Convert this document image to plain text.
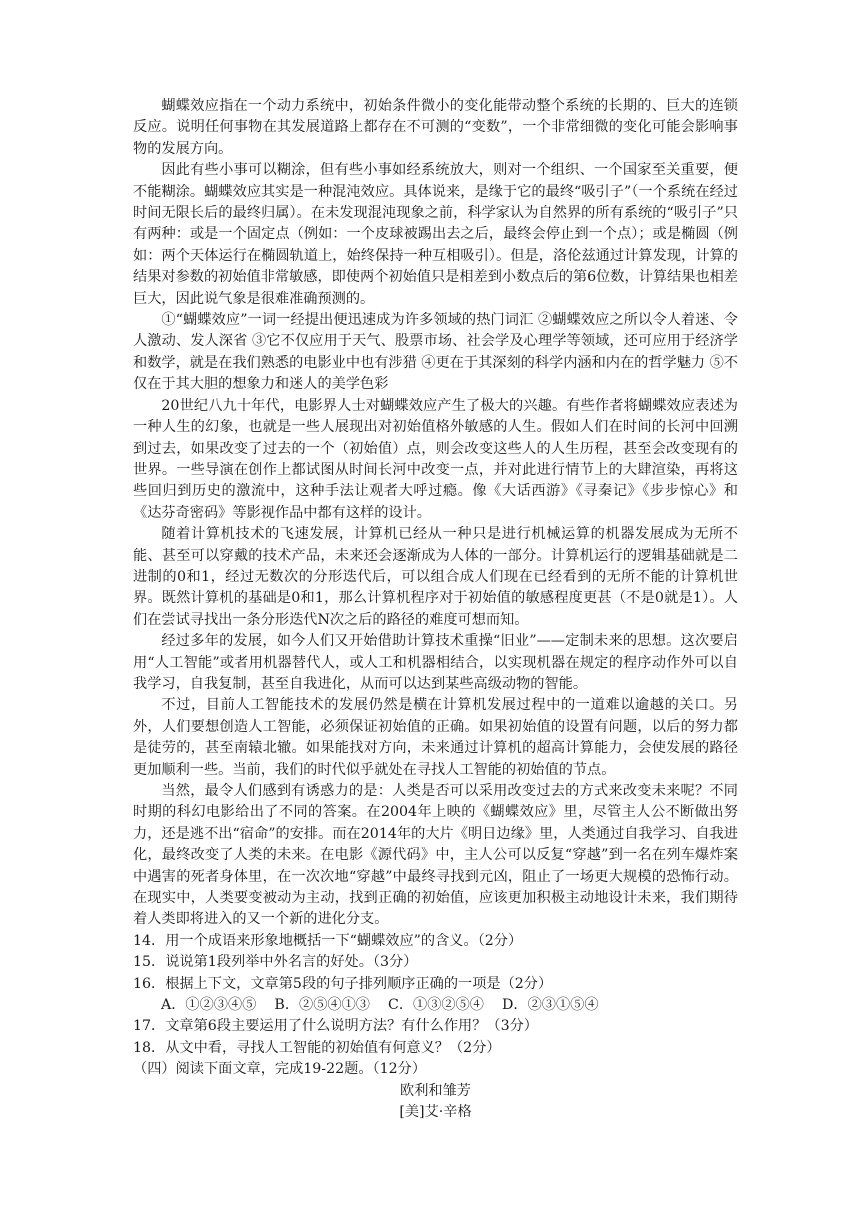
蝴蝶效应指在一个动力系统中，初始条件微小的变化能带动整个系统的长期的、巨大的连锁反应。说明任何事物在其发展道路上都存在不可测的“变数”，一个非常细微的变化可能会影响事物的发展方向。

因此有些小事可以糊涂，但有些小事如经系统放大，则对一个组织、一个国家至关重要，便不能糊涂。蝴蝶效应其实是一种混沌效应。具体说来，是缘于它的最终“吸引子”（一个系统在经过时间无限长后的最终归属）。在未发现混沌现象之前，科学家认为自然界的所有系统的“吸引子”只有两种：或是一个固定点（例如：一个皮球被踢出去之后，最终会停止到一个点）；或是椭圆（例如：两个天体运行在椭圆轨道上，始终保持一种互相吸引）。但是，洛伦兹通过计算发现，计算的结果对参数的初始值非常敏感，即使两个初始值只是相差到小数点后的第6位数，计算结果也相差巨大，因此说气象是很难准确预测的。

①“蝴蝶效应”一词一经提出便迅速成为许多领域的热门词汇 ②蝴蝶效应之所以令人着迷、令人激动、发人深省 ③它不仅应用于天气、股票市场、社会学及心理学等领域，还可应用于经济学和数学，就是在我们熟悉的电影业中也有涉猎 ④更在于其深刻的科学内涵和内在的哲学魅力 ⑤不仅在于其大胆的想象力和迷人的美学色彩

20世纪八九十年代，电影界人士对蝴蝶效应产生了极大的兴趣。有些作者将蝴蝶效应表述为一种人生的幻象，也就是一些人展现出对初始值格外敏感的人生。假如人们在时间的长河中回溯到过去，如果改变了过去的一个（初始值）点，则会改变这些人的人生历程，甚至会改变现有的世界。一些导演在创作上都试图从时间长河中改变一点，并对此进行情节上的大肆渲染，再将这些回归到历史的激流中，这种手法让观者大呼过瘾。像《大话西游》《寻秦记》《步步惊心》和《达芬奇密码》等影视作品中都有这样的设计。

随着计算机技术的飞速发展，计算机已经从一种只是进行机械运算的机器发展成为无所不能、甚至可以穿戴的技术产品，未来还会逐渐成为人体的一部分。计算机运行的逻辑基础就是二进制的0和1，经过无数次的分形迭代后，可以组合成人们现在已经看到的无所不能的计算机世界。既然计算机的基础是0和1，那么计算机程序对于初始值的敏感程度更甚（不是0就是1）。人们在尝试寻找出一条分形迭代N次之后的路径的难度可想而知。

经过多年的发展，如今人们又开始借助计算技术重操“旧业”——定制未来的思想。这次要启用“人工智能”或者用机器替代人，或人工和机器相结合，以实现机器在规定的程序动作外可以自我学习，自我复制，甚至自我进化，从而可以达到某些高级动物的智能。

不过，目前人工智能技术的发展仍然是横在计算机发展过程中的一道难以逾越的关口。另外，人们要想创造人工智能，必须保证初始值的正确。如果初始值的设置有问题，以后的努力都是徒劳的，甚至南辕北辙。如果能找对方向，未来通过计算机的超高计算能力，会使发展的路径更加顺利一些。当前，我们的时代似乎就处在寻找人工智能的初始值的节点。

当然，最令人们感到有诱惑力的是：人类是否可以采用改变过去的方式来改变未来呢？不同时期的科幻电影给出了不同的答案。在2004年上映的《蝴蝶效应》里，尽管主人公不断做出努力，还是逃不出“宿命”的安排。而在2014年的大片《明日边缘》里，人类通过自我学习、自我进化，最终改变了人类的未来。在电影《源代码》中，主人公可以反复“穿越”到一名在列车爆炸案中遇害的死者身体里，在一次次地“穿越”中最终寻找到元凶，阻止了一场更大规模的恐怖行动。在现实中，人类要变被动为主动，找到正确的初始值，应该更加积极主动地设计未来，我们期待着人类即将进入的又一个新的进化分支。

14．用一个成语来形象地概括一下“蝴蝶效应”的含义。（2分）

15．说说第1段列举中外名言的好处。（3分）

16．根据上下文，文章第5段的句子排列顺序正确的一项是（2分）

A．①②③④⑤    B．②⑤④①③    C．①③②⑤④    D．②③①⑤④

17．文章第6段主要运用了什么说明方法？有什么作用？（3分）

18．从文中看，寻找人工智能的初始值有何意义？（2分）

（四）阅读下面文章，完成19-22题。（12分）

欧利和雏芳

[美]艾·辛格
